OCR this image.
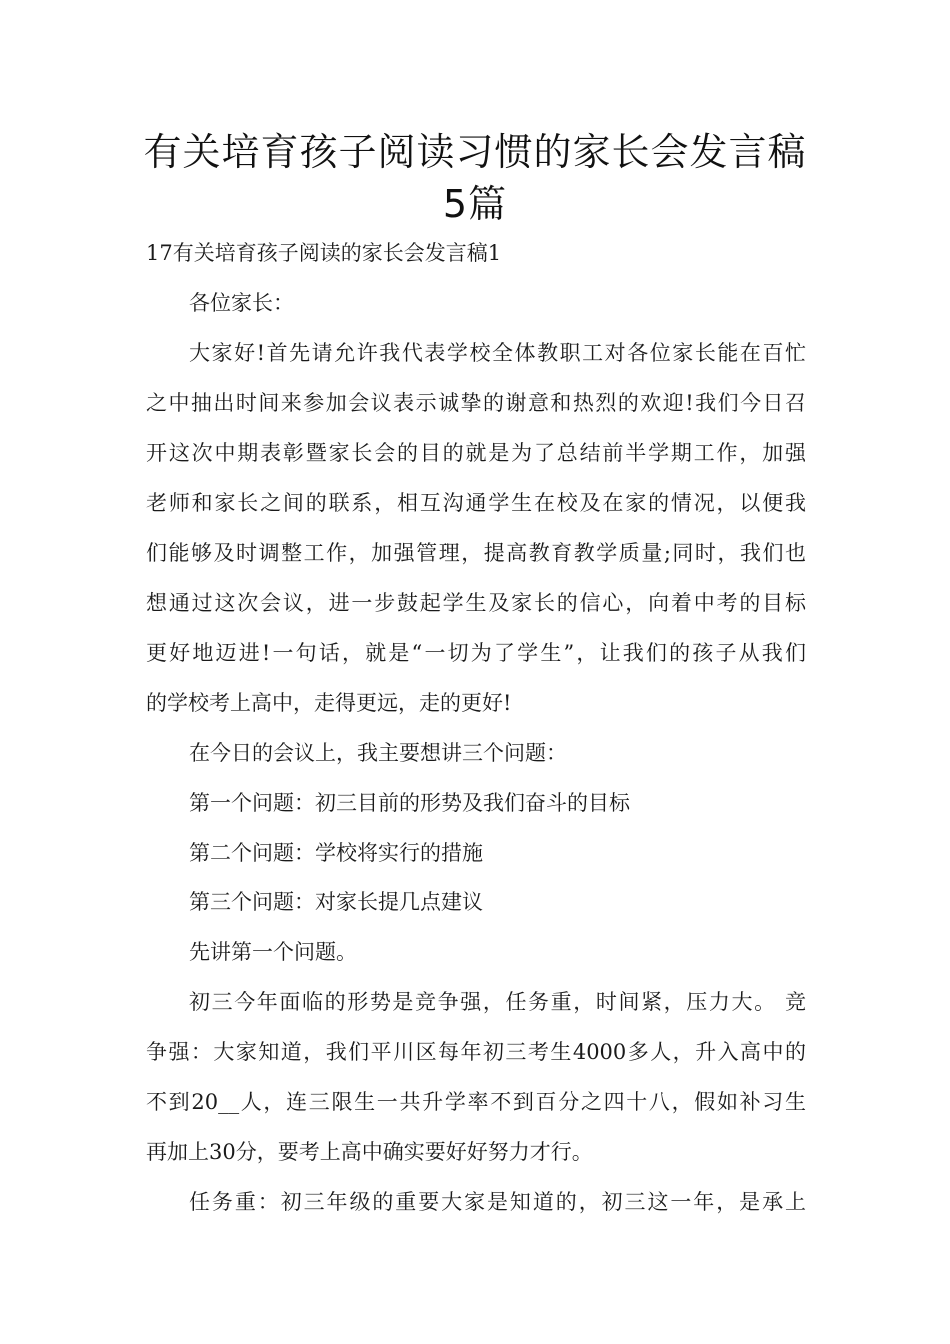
有关培育孩子阅读习惯的家长会发言稿
5篇
17有关培育孩子阅读的家长会发言稿1
各位家长：
大家好!首先请允许我代表学校全体教职工对各位家长能在百忙
之中抽出时间来参加会议表示诚挚的谢意和热烈的欢迎!我们今日召
开这次中期表彰暨家长会的目的就是为了总结前半学期工作，加强
老师和家长之间的联系，相互沟通学生在校及在家的情况，以便我
们能够及时调整工作，加强管理，提高教育教学质量;同时，我们也
想通过这次会议，进一步鼓起学生及家长的信心，向着中考的目标
更好地迈进!一句话，就是“一切为了学生”，让我们的孩子从我们
的学校考上高中，走得更远，走的更好!
在今日的会议上，我主要想讲三个问题：
第一个问题：初三目前的形势及我们奋斗的目标
第二个问题：学校将实行的措施
第三个问题：对家长提几点建议
先讲第一个问题。
初三今年面临的形势是竞争强，任务重，时间紧，压力大。 竞
争强：大家知道，我们平川区每年初三考生4000多人，升入高中的
不到20__人，连三限生一共升学率不到百分之四十八，假如补习生
再加上30分，要考上高中确实要好好努力才行。
任务重：初三年级的重要大家是知道的，初三这一年，是承上
